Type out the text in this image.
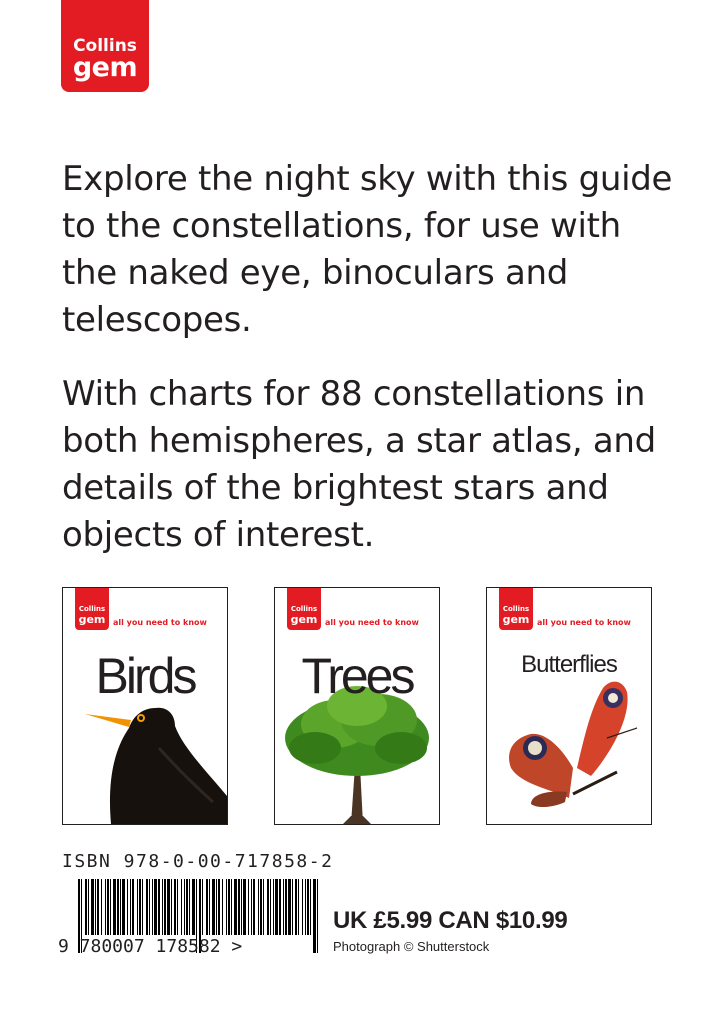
Collins
gem

Explore the night sky with this guide to the constellations, for use with the naked eye, binoculars and telescopes.

With charts for 88 constellations in both hemispheres, a star atlas, and details of the brightest stars and objects of interest.

Collins
gem all you need to know
Birds
Collins
gem all you need to know
Trees
Collins
gem all you need to know
Butterflies
ISBN 978-0-00-717858-2
9 780007 178582 >
UK £5.99 CAN $10.99
Photograph © Shutterstock
